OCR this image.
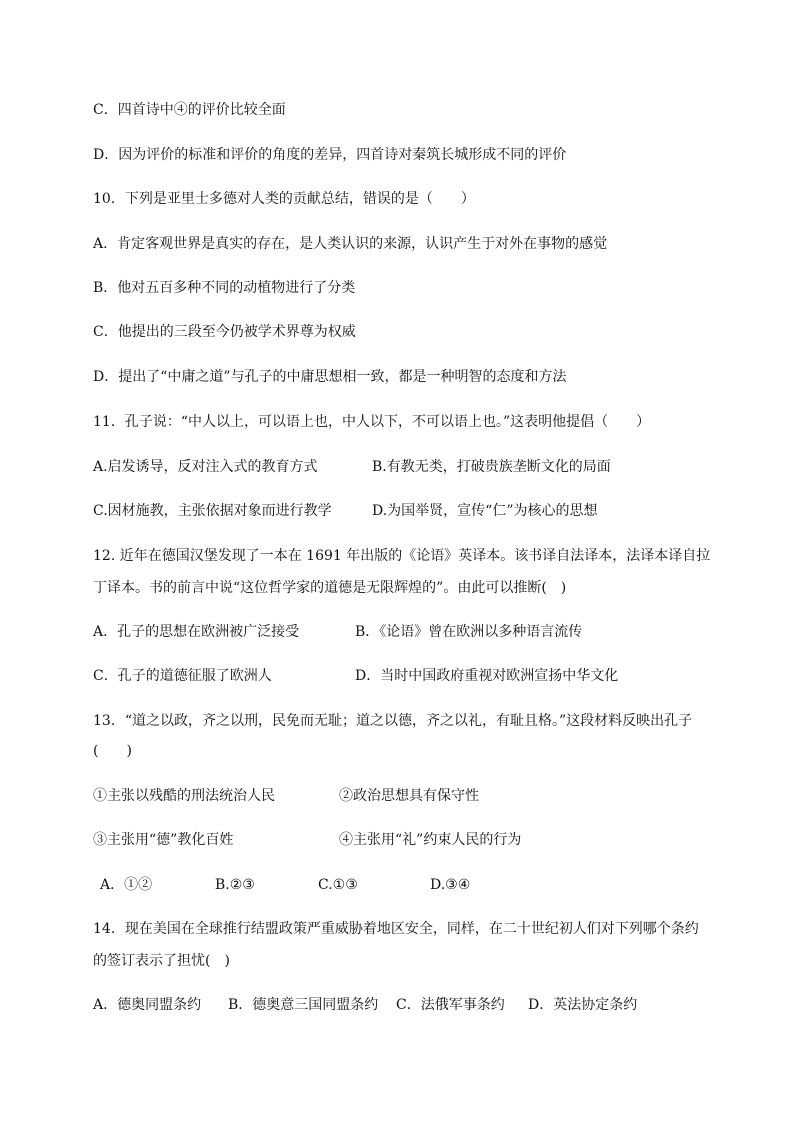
C．四首诗中④的评价比较全面
D．因为评价的标准和评价的角度的差异，四首诗对秦筑长城形成不同的评价
10．下列是亚里士多德对人类的贡献总结，错误的是（　　）
A．肯定客观世界是真实的存在，是人类认识的来源，认识产生于对外在事物的感觉
B．他对五百多种不同的动植物进行了分类
C．他提出的三段至今仍被学术界尊为权威
D．提出了“中庸之道”与孔子的中庸思想相一致，都是一种明智的态度和方法
11．孔子说：“中人以上，可以语上也，中人以下，不可以语上也。”这表明他提倡（　　）
A.启发诱导，反对注入式的教育方式	B.有教无类，打破贵族垄断文化的局面
C.因材施教，主张依据对象而进行教学	D.为国举贤，宣传“仁”为核心的思想
12. 近年在德国汉堡发现了一本在 1691 年出版的《论语》英译本。该书译自法译本，法译本译自拉
丁译本。书的前言中说“这位哲学家的道德是无限辉煌的”。由此可以推断(　)
A．孔子的思想在欧洲被广泛接受	B．《论语》曾在欧洲以多种语言流传
C．孔子的道德征服了欧洲人	D．当时中国政府重视对欧洲宣扬中华文化
13．“道之以政，齐之以刑，民免而无耻；道之以德，齐之以礼，有耻且格。”这段材料反映出孔子
(　　)
①主张以残酷的刑法统治人民	②政治思想具有保守性
③主张用“德”教化百姓	④主张用“礼”约束人民的行为
A．①②	B.②③	C.①③	D.③④
14．现在美国在全球推行结盟政策严重威胁着地区安全，同样，在二十世纪初人们对下列哪个条约
的签订表示了担忧(　)
A．德奥同盟条约 B．德奥意三国同盟条约 C．法俄军事条约 D．英法协定条约
